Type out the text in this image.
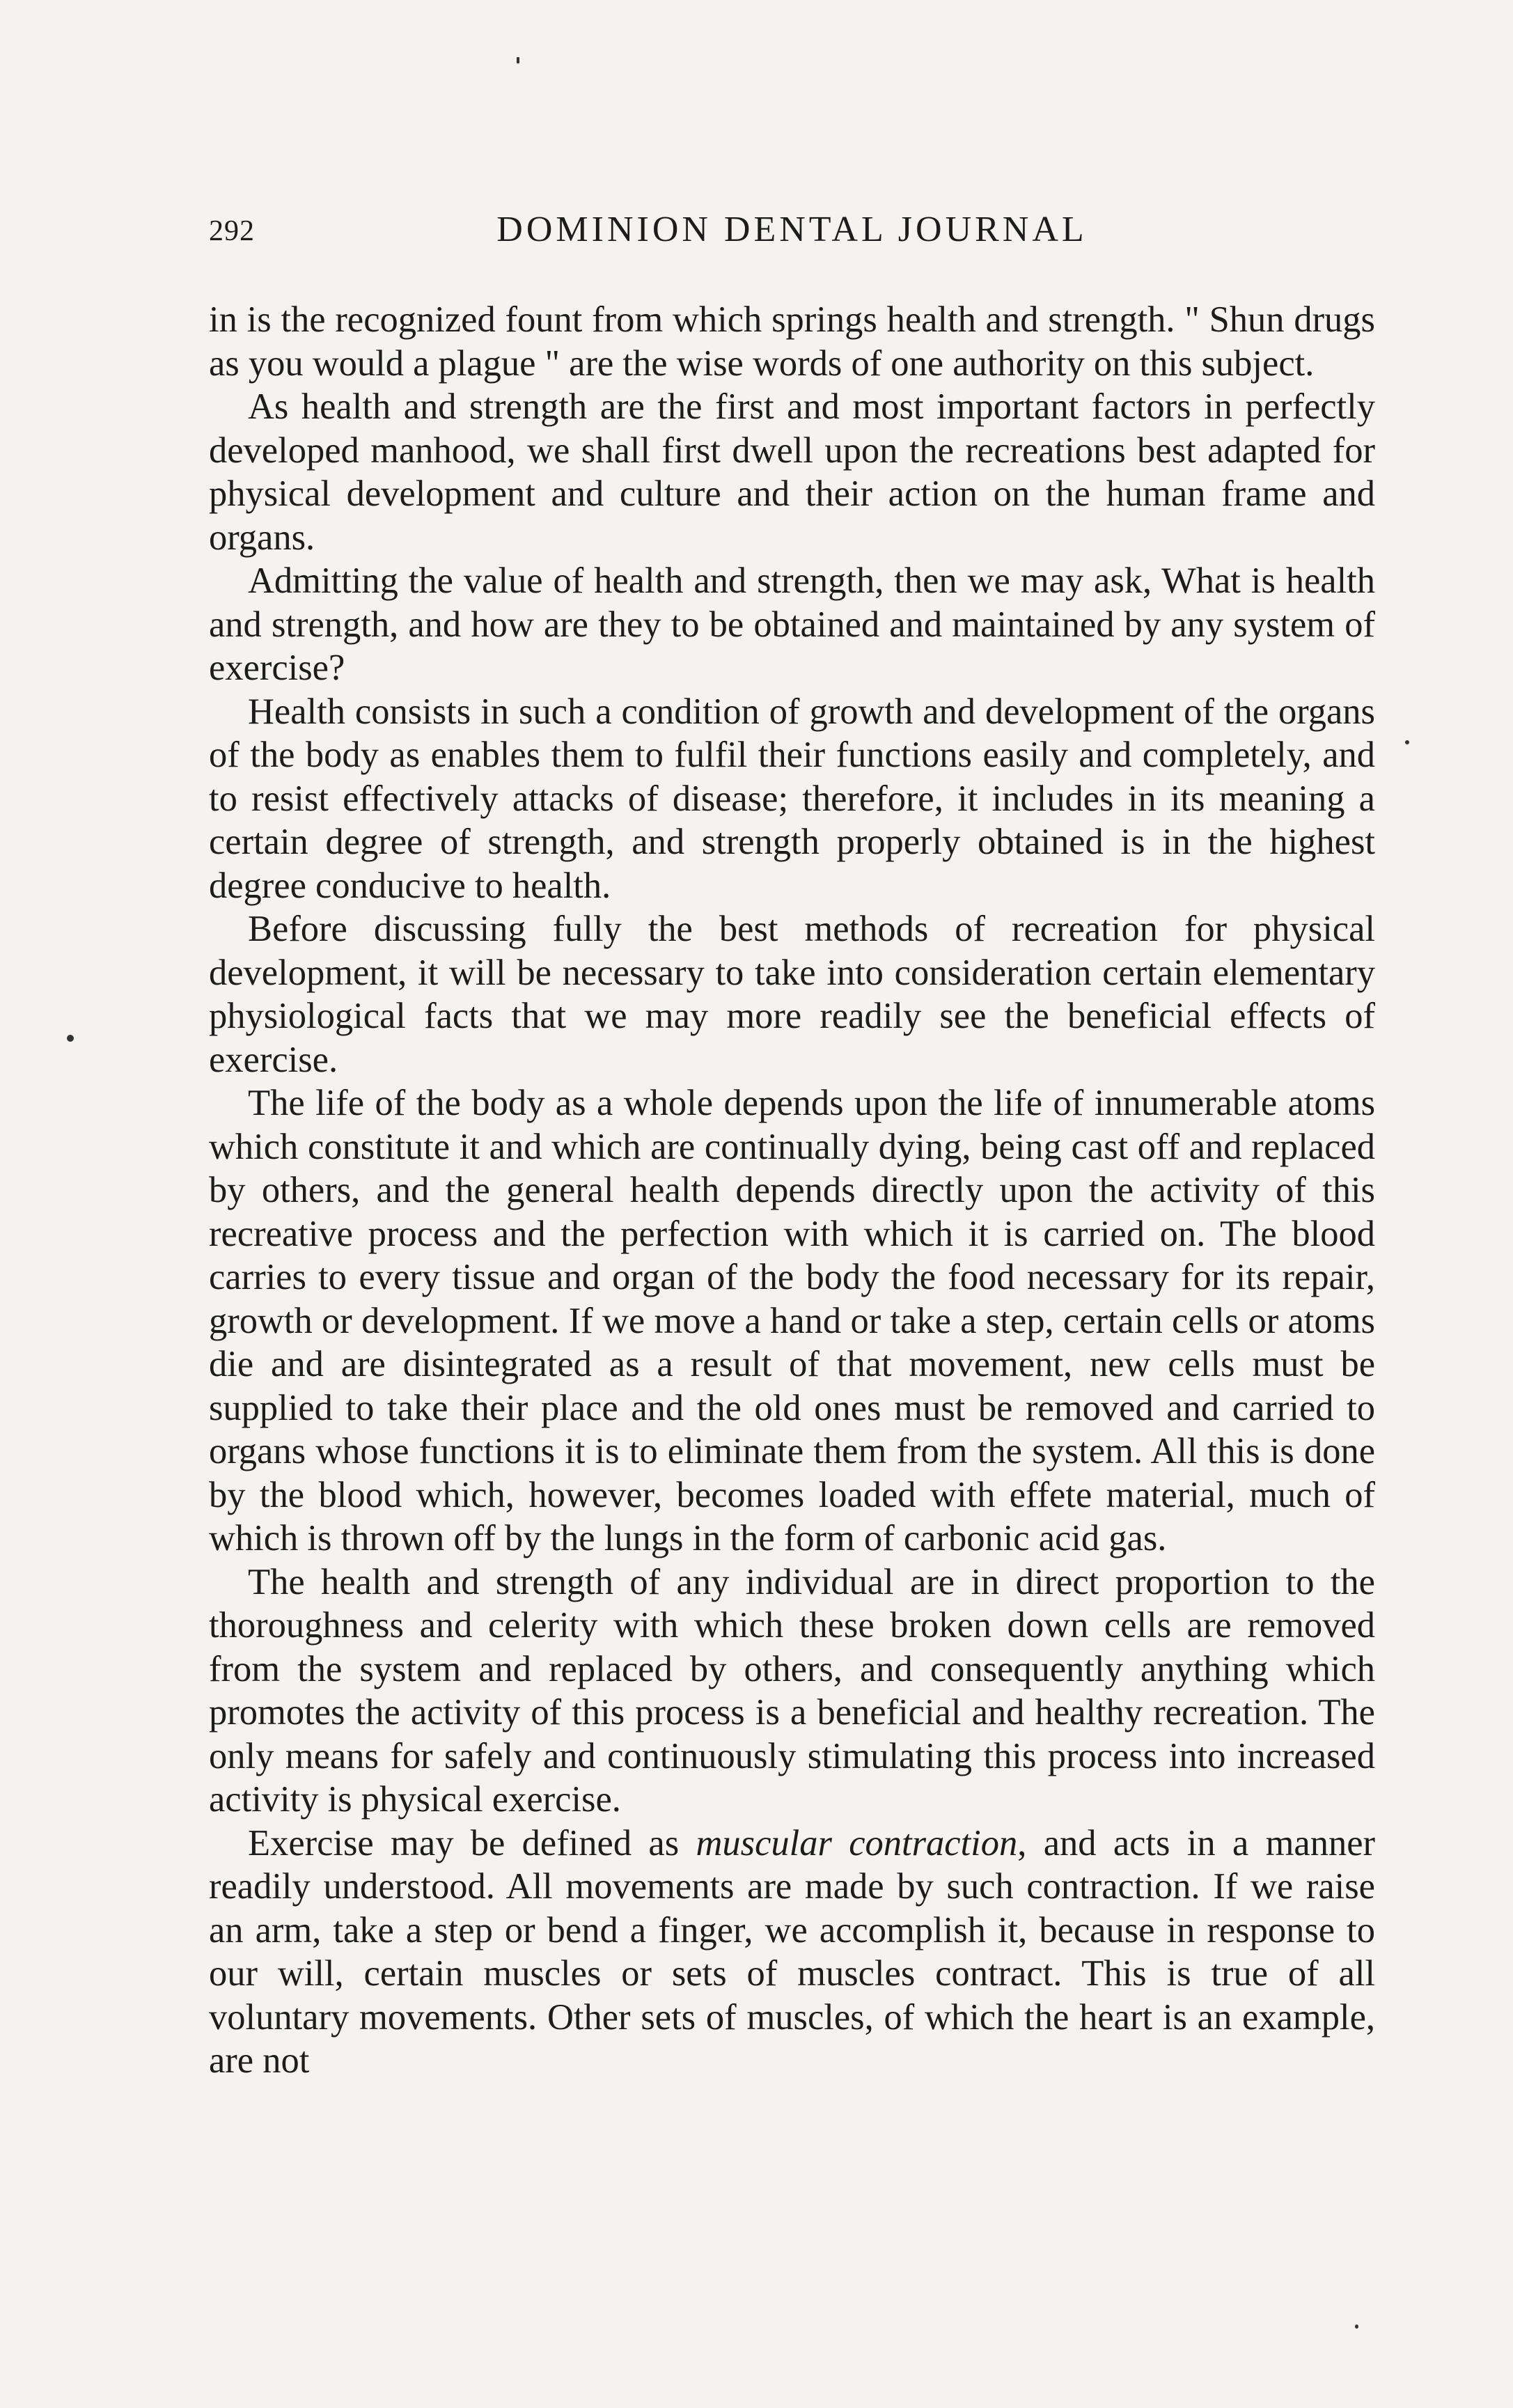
292	DOMINION DENTAL JOURNAL

in is the recognized fount from which springs health and strength. " Shun drugs as you would a plague " are the wise words of one authority on this subject.

As health and strength are the first and most important factors in perfectly developed manhood, we shall first dwell upon the recreations best adapted for physical development and culture and their action on the human frame and organs.

Admitting the value of health and strength, then we may ask, What is health and strength, and how are they to be obtained and maintained by any system of exercise?

Health consists in such a condition of growth and development of the organs of the body as enables them to fulfil their functions easily and completely, and to resist effectively attacks of disease; therefore, it includes in its meaning a certain degree of strength, and strength properly obtained is in the highest degree conducive to health.

Before discussing fully the best methods of recreation for physical development, it will be necessary to take into consideration certain elementary physiological facts that we may more readily see the beneficial effects of exercise.

The life of the body as a whole depends upon the life of innumerable atoms which constitute it and which are continually dying, being cast off and replaced by others, and the general health depends directly upon the activity of this recreative process and the perfection with which it is carried on. The blood carries to every tissue and organ of the body the food necessary for its repair, growth or development. If we move a hand or take a step, certain cells or atoms die and are disintegrated as a result of that movement, new cells must be supplied to take their place and the old ones must be removed and carried to organs whose functions it is to eliminate them from the system. All this is done by the blood which, however, becomes loaded with effete material, much of which is thrown off by the lungs in the form of carbonic acid gas.

The health and strength of any individual are in direct proportion to the thoroughness and celerity with which these broken down cells are removed from the system and replaced by others, and consequently anything which promotes the activity of this process is a beneficial and healthy recreation. The only means for safely and continuously stimulating this process into increased activity is physical exercise.

Exercise may be defined as muscular contraction, and acts in a manner readily understood. All movements are made by such contraction. If we raise an arm, take a step or bend a finger, we accomplish it, because in response to our will, certain muscles or sets of muscles contract. This is true of all voluntary movements. Other sets of muscles, of which the heart is an example, are not
